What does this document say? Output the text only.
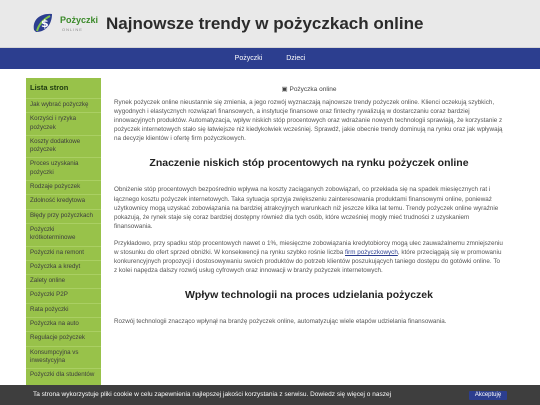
$ Pożyczki
ONLINE Najnowsze trendy w pożyczkach online
Pożyczki	Dzieci
Lista stron
Jak wybrać pożyczkę
Korzyści i ryzyka pożyczek
Koszty dodatkowe pożyczek
Proces uzyskania pożyczki
Rodzaje pożyczek
Zdolność kredytowa
Błędy przy pożyczkach
Pożyczki krótkoterminowe
Pożyczki na remont
Pożyczka a kredyt
Zalety online
Pożyczki P2P
Rata pożyczki
Pożyczka na auto
Regulacje pożyczek
Konsumpcyjna vs inwestycyjna
Pożyczki dla studentów
▣ Pożyczka online

Rynek pożyczek online nieustannie się zmienia, a jego rozwój wyznaczają najnowsze trendy pożyczek online. Klienci oczekują szybkich, wygodnych i elastycznych rozwiązań finansowych, a instytucje finansowe oraz fintechy rywalizują w dostarczaniu coraz bardziej innowacyjnych produktów. Automatyzacja, wpływ niskich stóp procentowych oraz wdrażanie nowych technologii sprawiają, że korzystanie z pożyczek internetowych stało się łatwiejsze niż kiedykolwiek wcześniej. Sprawdź, jakie obecnie trendy dominują na rynku oraz jak wpływają na decyzje klientów i ofertę firm pożyczkowych.

Znaczenie niskich stóp procentowych na rynku pożyczek online

Obniżenie stóp procentowych bezpośrednio wpływa na koszty zaciąganych zobowiązań, co przekłada się na spadek miesięcznych rat i łącznego kosztu pożyczek internetowych. Taka sytuacja sprzyja zwiększeniu zainteresowania produktami finansowymi online, ponieważ użytkownicy mogą uzyskać zobowiązania na bardziej atrakcyjnych warunkach niż jeszcze kilka lat temu. Trendy pożyczek online wyraźnie pokazują, że rynek staje się coraz bardziej dostępny również dla tych osób, które wcześniej mogły mieć trudności z uzyskaniem finansowania.

Przykładowo, przy spadku stóp procentowych nawet o 1%, miesięczne zobowiązania kredytobiorcy mogą ulec zauważalnemu zmniejszeniu w stosunku do ofert sprzed obniżki. W konsekwencji na rynku szybko rośnie liczba firm pożyczkowych, które przeciągają się w promowaniu konkurencyjnych propozycji i dostosowywaniu swoich produktów do potrzeb klientów poszukujących taniego dostępu do gotówki online. To z kolei napędza dalszy rozwój usług cyfrowych oraz innowacji w branży pożyczek internetowych.

Wpływ technologii na proces udzielania pożyczek

Rozwój technologii znacząco wpłynął na branżę pożyczek online, automatyzując wiele etapów udzielania finansowania.

Ta strona wykorzystuje pliki cookie w celu zapewnienia najlepszej jakości korzystania z serwisu. Dowiedz się więcej o naszej	Akceptuję
